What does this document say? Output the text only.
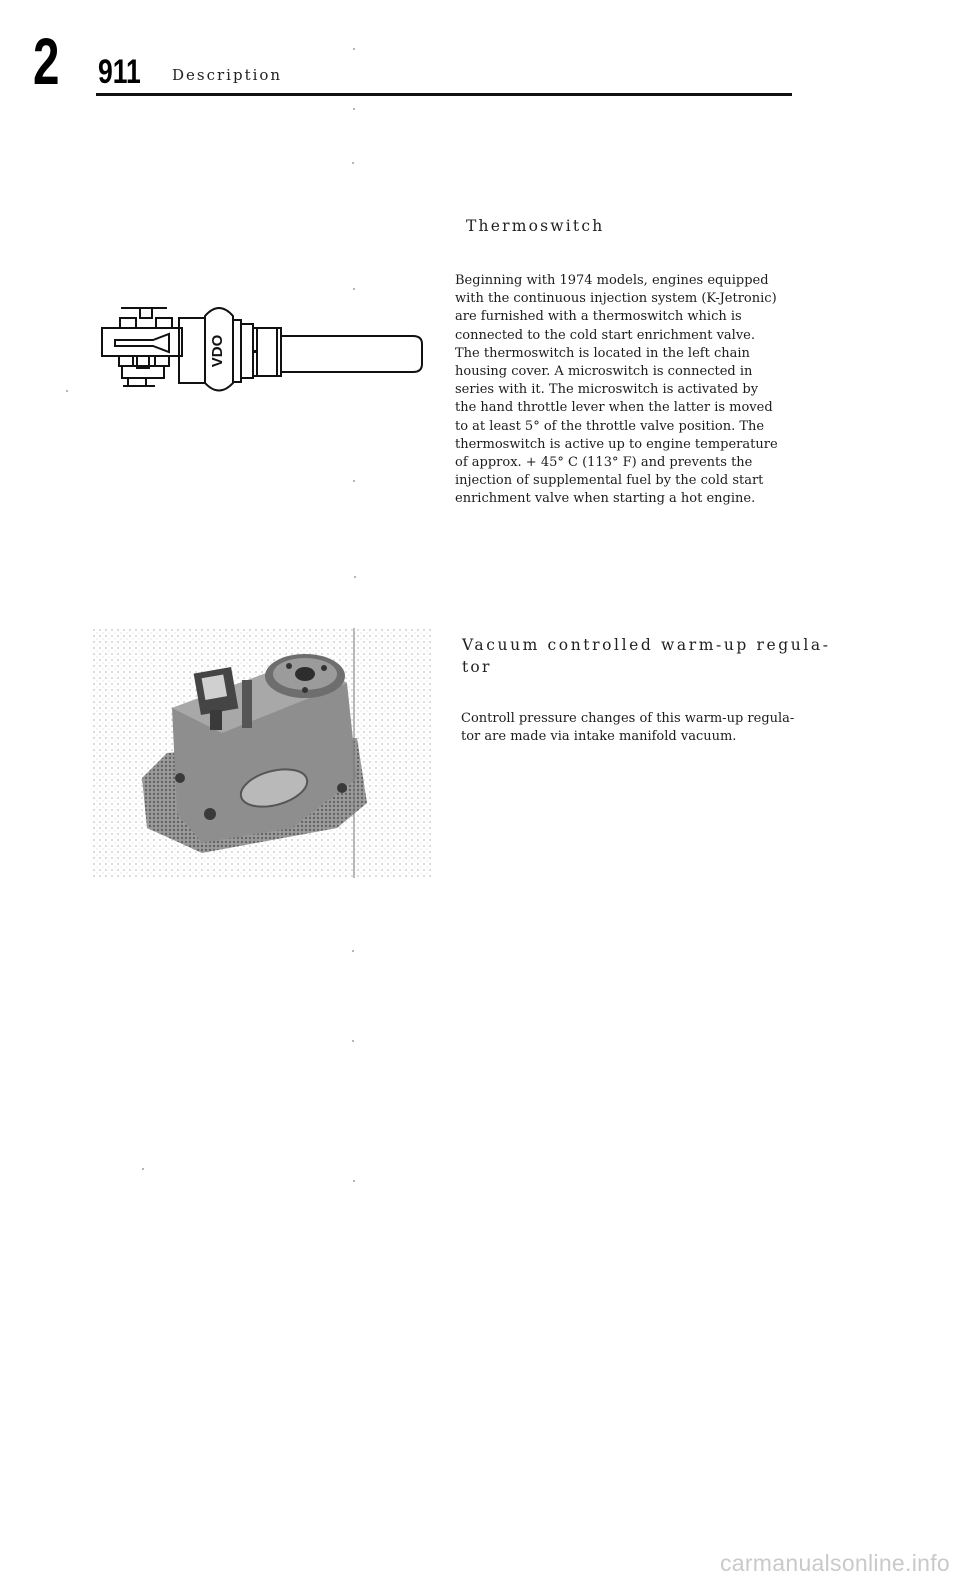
2 911 Description
Thermoswitch
Beginning with 1974 models, engines equipped
with the continuous injection system (K-Jetronic)
are furnished with a thermoswitch which is
connected to the cold start enrichment valve.
The thermoswitch is located in the left chain
housing cover. A microswitch is connected in
series with it. The microswitch is activated by
the hand throttle lever when the latter is moved
to at least 5° of the throttle valve position. The
thermoswitch is active up to engine temperature
of approx. + 45° C (113° F) and prevents the
injection of supplemental fuel by the cold start
enrichment valve when starting a hot engine.
VDO
Vacuum controlled warm-up regula-
tor
Controll pressure changes of this warm-up regula-
tor are made via intake manifold vacuum.
carmanualsonline.info
